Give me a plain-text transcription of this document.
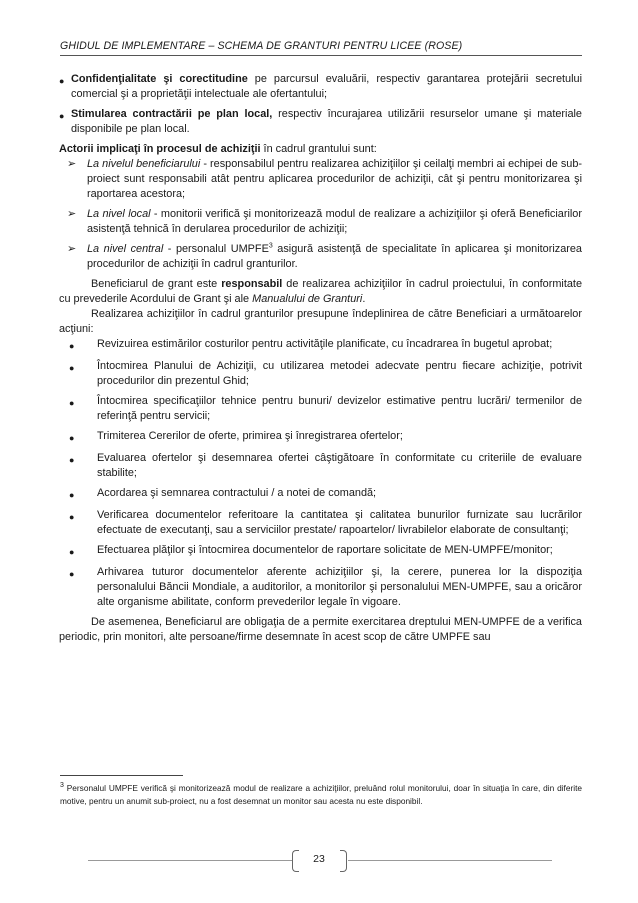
GHIDUL DE IMPLEMENTARE – SCHEMA DE GRANTURI PENTRU LICEE (ROSE)
● Confidenţialitate şi corectitudine pe parcursul evaluării, respectiv garantarea protejării secretului comercial şi a proprietăţii intelectuale ale ofertantului;
● Stimularea contractării pe plan local, respectiv încurajarea utilizării resurselor umane şi materiale disponibile pe plan local.

Actorii implicaţi în procesul de achiziţii în cadrul grantului sunt:

➢ La nivelul beneficiarului - responsabilul pentru realizarea achiziţiilor şi ceilalţi membri ai echipei de sub-proiect sunt responsabili atât pentru aplicarea procedurilor de achiziţii, cât şi pentru monitorizarea şi raportarea acestora;
➢ La nivel local - monitorii verifică şi monitorizează modul de realizare a achiziţiilor şi oferă Beneficiarilor asistenţă tehnică în derularea procedurilor de achiziţii;
➢ La nivel central - personalul UMPFE$^3$ asigură asistenţă de specialitate în aplicarea şi monitorizarea procedurilor de achiziţii în cadrul granturilor.

Beneficiarul de grant este responsabil de realizarea achiziţiilor în cadrul proiectului, în conformitate cu prevederile Acordului de Grant şi ale Manualului de Granturi.

Realizarea achiziţiilor în cadrul granturilor presupune îndeplinirea de către Beneficiari a următoarelor acţiuni:

●	Revizuirea estimărilor costurilor pentru activităţile planificate, cu încadrarea în bugetul aprobat;
●	Întocmirea Planului de Achiziţii, cu utilizarea metodei adecvate pentru fiecare achiziţie, potrivit procedurilor din prezentul Ghid;
●	Întocmirea specificaţiilor tehnice pentru bunuri/ devizelor estimative pentru lucrări/ termenilor de referinţă pentru servicii;
●	Trimiterea Cererilor de oferte, primirea şi înregistrarea ofertelor;
●	Evaluarea ofertelor şi desemnarea ofertei câştigătoare în conformitate cu criteriile de evaluare stabilite;
●	Acordarea şi semnarea contractului / a notei de comandă;
●	Verificarea documentelor referitoare la cantitatea şi calitatea bunurilor furnizate sau lucrărilor efectuate de executanţi, sau a serviciilor prestate/ rapoartelor/ livrabilelor elaborate de consultanţi;
●	Efectuarea plăţilor şi întocmirea documentelor de raportare solicitate de MEN-UMPFE/monitor;
●	Arhivarea tuturor documentelor aferente achiziţiilor şi, la cerere, punerea lor la dispoziţia personalului Băncii Mondiale, a auditorilor, a monitorilor şi personalului MEN-UMPFE, sau a oricăror alte organisme abilitate, conform prevederilor legale în vigoare.

De asemenea, Beneficiarul are obligaţia de a permite exercitarea dreptului MEN-UMPFE de a verifica periodic, prin monitori, alte persoane/firme desemnate în acest scop de către UMPFE sau

$^3$ Personalul UMPFE verifică şi monitorizează modul de realizare a achiziţiilor, preluând rolul monitorului, doar în situaţia în care, din diferite motive, pentru un anumit sub-proiect, nu a fost desemnat un monitor sau acesta nu este disponibil.
23
